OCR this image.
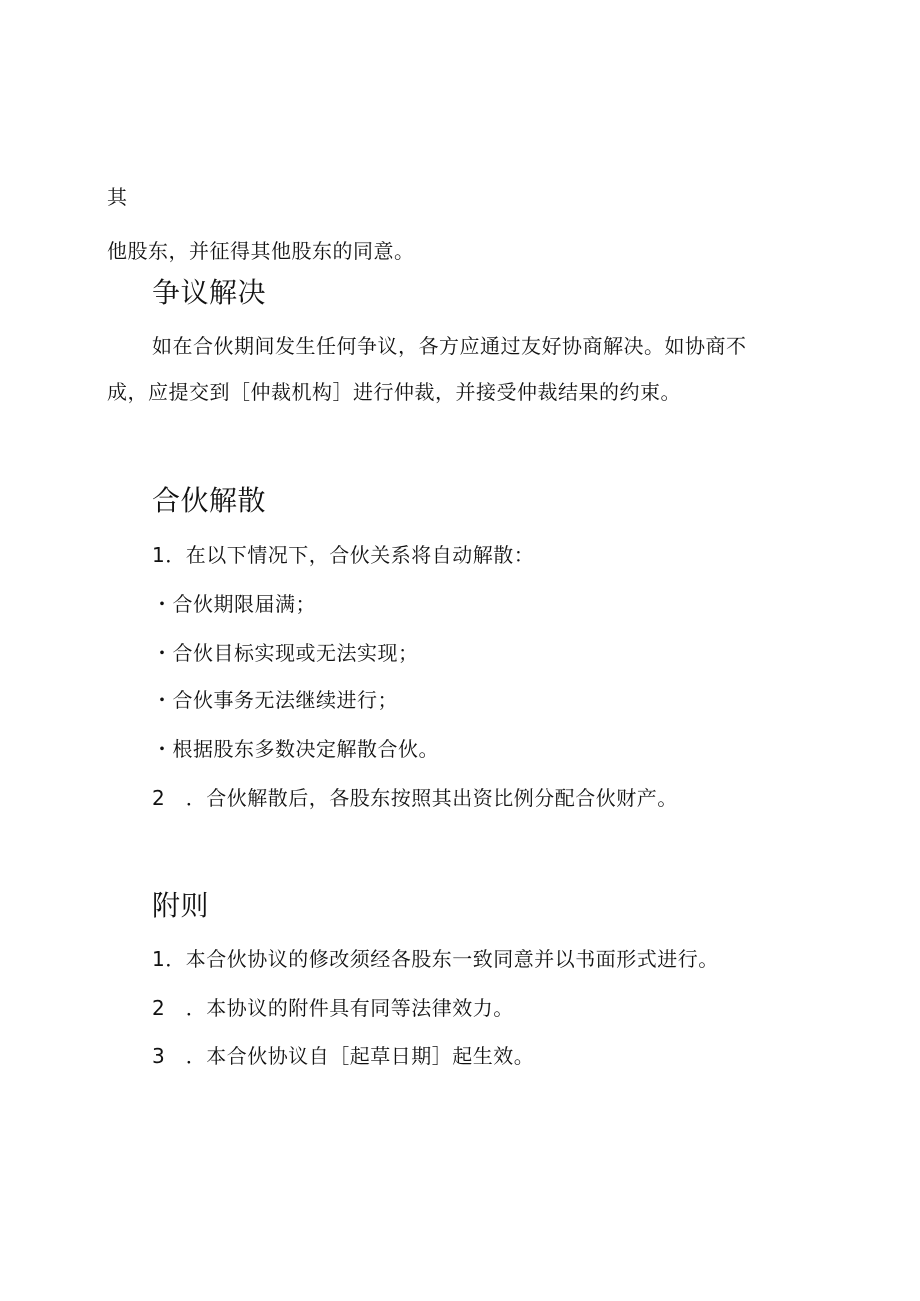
其
他股东，并征得其他股东的同意。
争议解决
如在合伙期间发生任何争议，各方应通过友好协商解决。如协商不
成，应提交到［仲裁机构］进行仲裁，并接受仲裁结果的约束。
合伙解散
1．在以下情况下，合伙关系将自动解散：
・合伙期限届满；
・合伙目标实现或无法实现；
・合伙事务无法继续进行；
・根据股东多数决定解散合伙。
2　．合伙解散后，各股东按照其出资比例分配合伙财产。
附则
1．本合伙协议的修改须经各股东一致同意并以书面形式进行。
2　．本协议的附件具有同等法律效力。
3　．本合伙协议自［起草日期］起生效。
